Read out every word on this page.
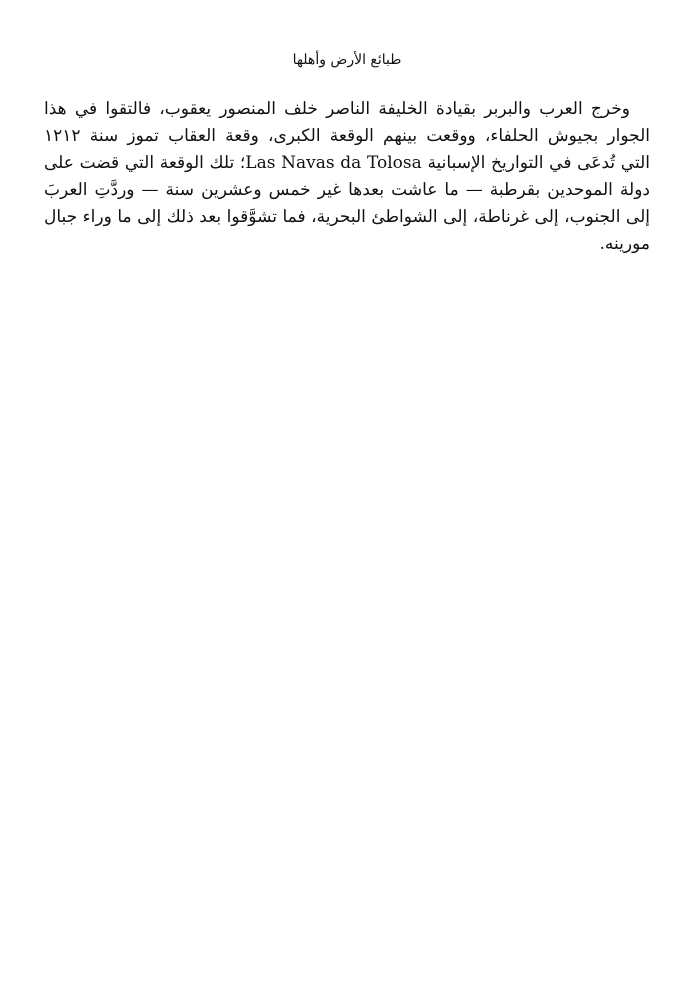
طبائع الأرض وأهلها
وخرج العرب والبربر بقيادة الخليفة الناصر خلف المنصور يعقوب، فالتقوا في هذا
الجوار بجيوش الحلفاء، ووقعت بينهم الوقعة الكبرى، وقعة العقاب تموز سنة ١٢١٢
التي تُدعَى في التواريخ الإسبانية Las Navas da Tolosa؛ تلك الوقعة التي قضت على
دولة الموحدين بقرطبة — ما عاشت بعدها غير خمس وعشرين سنة — وردَّتِ العربَ
إلى الجنوب، إلى غرناطة، إلى الشواطئ البحرية، فما تشوَّقوا بعد ذلك إلى ما وراء جبال
مورينه.
